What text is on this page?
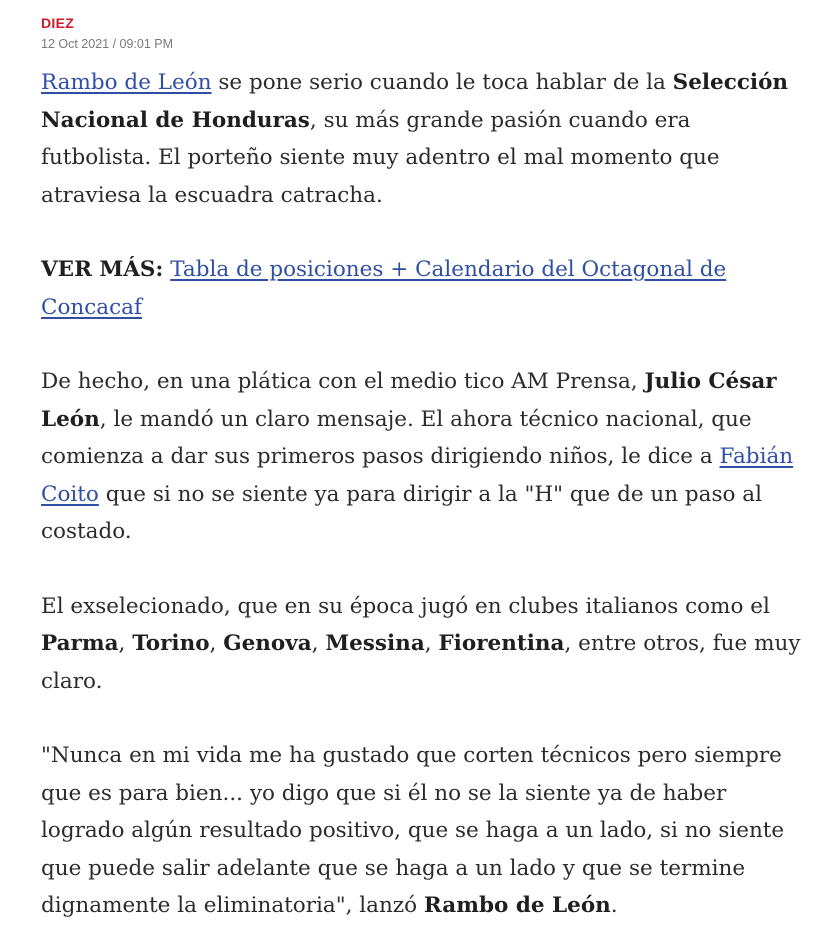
DIEZ
12 Oct 2021 / 09:01 PM

Rambo de León se pone serio cuando le toca hablar de la Selección Nacional de Honduras, su más grande pasión cuando era futbolista. El porteño siente muy adentro el mal momento que atraviesa la escuadra catracha.

VER MÁS: Tabla de posiciones + Calendario del Octagonal de Concacaf

De hecho, en una plática con el medio tico AM Prensa, Julio César León, le mandó un claro mensaje. El ahora técnico nacional, que comienza a dar sus primeros pasos dirigiendo niños, le dice a Fabián Coito que si no se siente ya para dirigir a la "H" que de un paso al costado.

El exselecionado, que en su época jugó en clubes italianos como el Parma, Torino, Genova, Messina, Fiorentina, entre otros, fue muy claro.

"Nunca en mi vida me ha gustado que corten técnicos pero siempre que es para bien... yo digo que si él no se la siente ya de haber logrado algún resultado positivo, que se haga a un lado, si no siente que puede salir adelante que se haga a un lado y que se termine dignamente la eliminatoria", lanzó Rambo de León.
